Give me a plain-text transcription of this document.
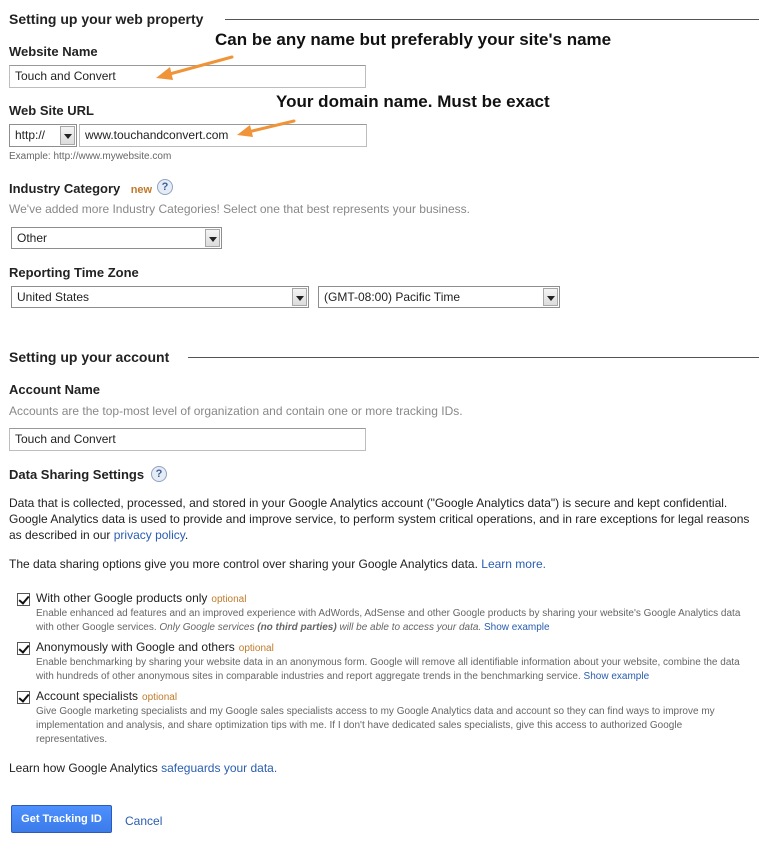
Setting up your web property
Website Name
Touch and Convert
Can be any name but preferably your site's name
Web Site URL
http://	www.touchandconvert.com
Example: http://www.mywebsite.com
Your domain name. Must be exact
Industry Category new ?
We've added more Industry Categories! Select one that best represents your business.
Other
Reporting Time Zone
United States	(GMT-08:00) Pacific Time
Setting up your account
Account Name
Accounts are the top-most level of organization and contain one or more tracking IDs.
Touch and Convert
Data Sharing Settings	?
Data that is collected, processed, and stored in your Google Analytics account ("Google Analytics data") is secure and kept confidential. Google Analytics data is used to provide and improve service, to perform system critical operations, and in rare exceptions for legal reasons as described in our privacy policy.
The data sharing options give you more control over sharing your Google Analytics data. Learn more.
With other Google products only optional
Enable enhanced ad features and an improved experience with AdWords, AdSense and other Google products by sharing your website's Google Analytics data with other Google services. Only Google services (no third parties) will be able to access your data. Show example
Anonymously with Google and others optional
Enable benchmarking by sharing your website data in an anonymous form. Google will remove all identifiable information about your website, combine the data with hundreds of other anonymous sites in comparable industries and report aggregate trends in the benchmarking service. Show example
Account specialists optional
Give Google marketing specialists and my Google sales specialists access to my Google Analytics data and account so they can find ways to improve my implementation and analysis, and share optimization tips with me. If I don't have dedicated sales specialists, give this access to authorized Google representatives.
Learn how Google Analytics safeguards your data.
Get Tracking ID	Cancel
